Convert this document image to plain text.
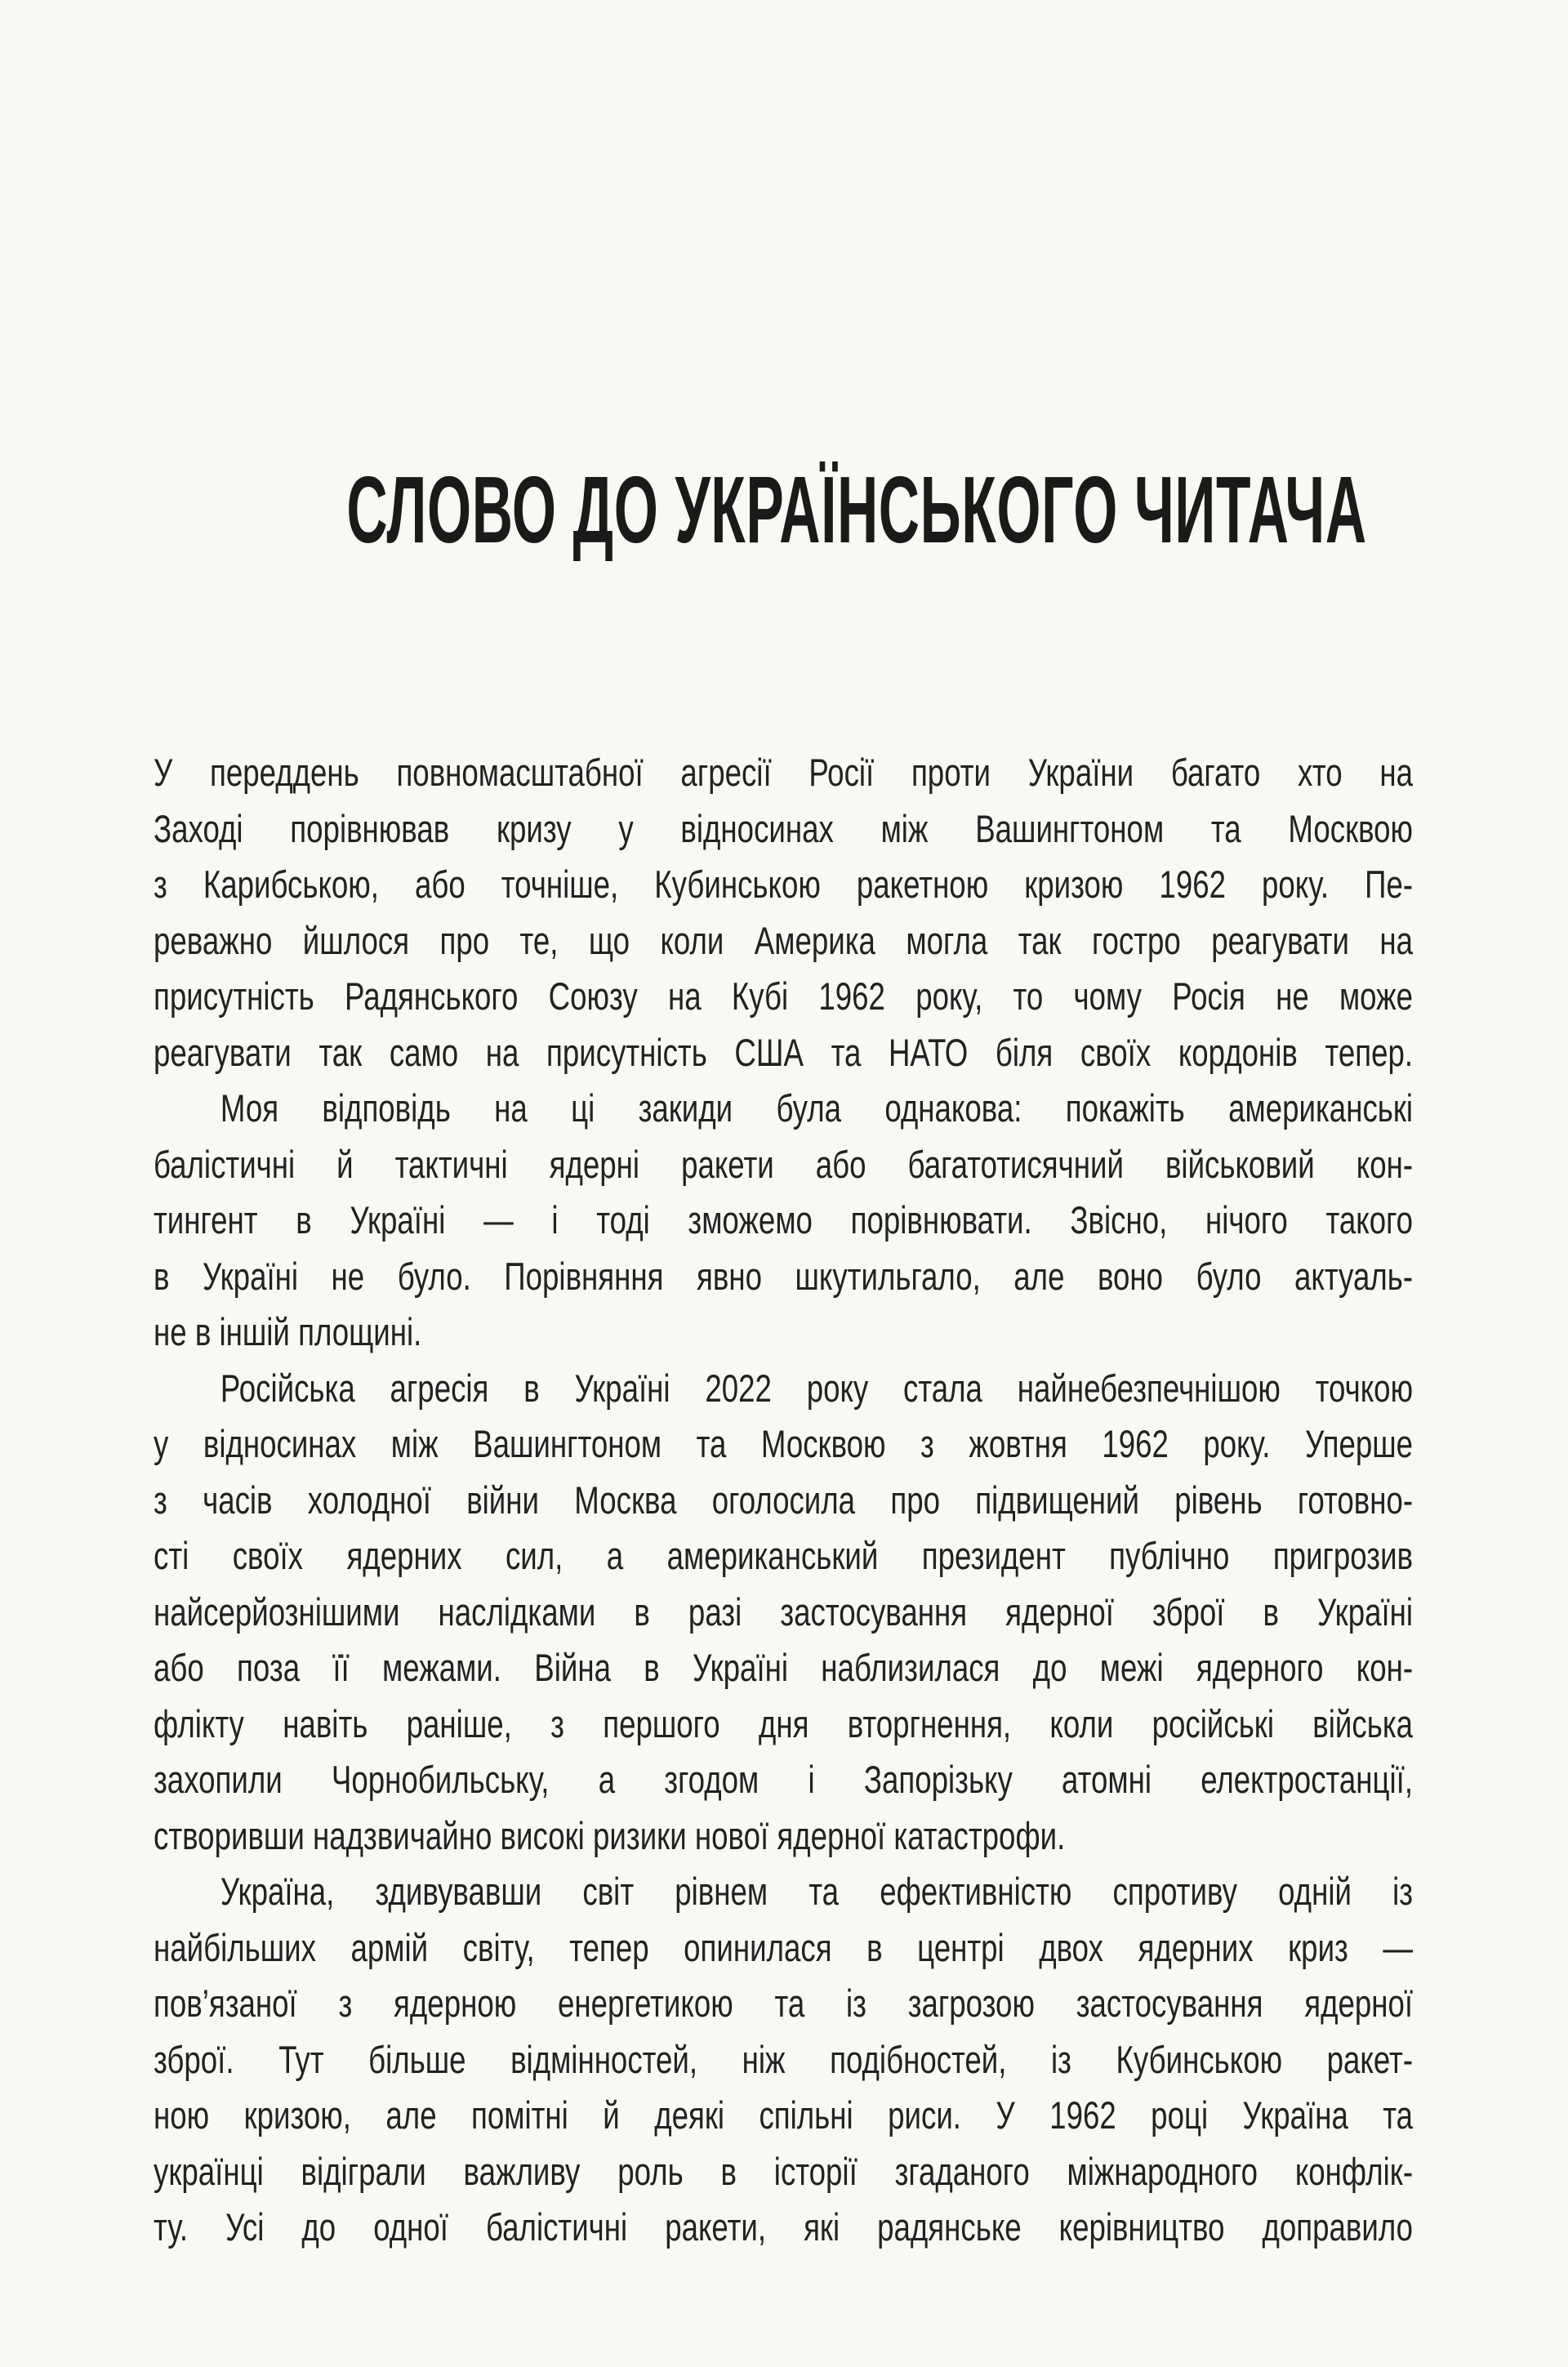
СЛОВО ДО УКРАЇНСЬКОГО ЧИТАЧА
У переддень повномасштабної агресії Росії проти України багато хто на
Заході порівнював кризу у відносинах між Вашингтоном та Москвою
з Карибською, або точніше, Кубинською ракетною кризою 1962 року. Пе-
реважно йшлося про те, що коли Америка могла так гостро реагувати на
присутність Радянського Союзу на Кубі 1962 року, то чому Росія не може
реагувати так само на присутність США та НАТО біля своїх кордонів тепер.
Моя відповідь на ці закиди була однакова: покажіть американські
балістичні й тактичні ядерні ракети або багатотисячний військовий кон-
тингент в Україні — і тоді зможемо порівнювати. Звісно, нічого такого
в Україні не було. Порівняння явно шкутильгало, але воно було актуаль-
не в іншій площині.
Російська агресія в Україні 2022 року стала найнебезпечнішою точкою
у відносинах між Вашингтоном та Москвою з жовтня 1962 року. Уперше
з часів холодної війни Москва оголосила про підвищений рівень готовно-
сті своїх ядерних сил, а американський президент публічно пригрозив
найсерйознішими наслідками в разі застосування ядерної зброї в Україні
або поза її межами. Війна в Україні наблизилася до межі ядерного кон-
флікту навіть раніше, з першого дня вторгнення, коли російські війська
захопили Чорнобильську, а згодом і Запорізьку атомні електростанції,
створивши надзвичайно високі ризики нової ядерної катастрофи.
Україна, здивувавши світ рівнем та ефективністю спротиву одній із
найбільших армій світу, тепер опинилася в центрі двох ядерних криз —
пов’язаної з ядерною енергетикою та із загрозою застосування ядерної
зброї. Тут більше відмінностей, ніж подібностей, із Кубинською ракет-
ною кризою, але помітні й деякі спільні риси. У 1962 році Україна та
українці відіграли важливу роль в історії згаданого міжнародного конфлік-
ту. Усі до одної балістичні ракети, які радянське керівництво доправило
